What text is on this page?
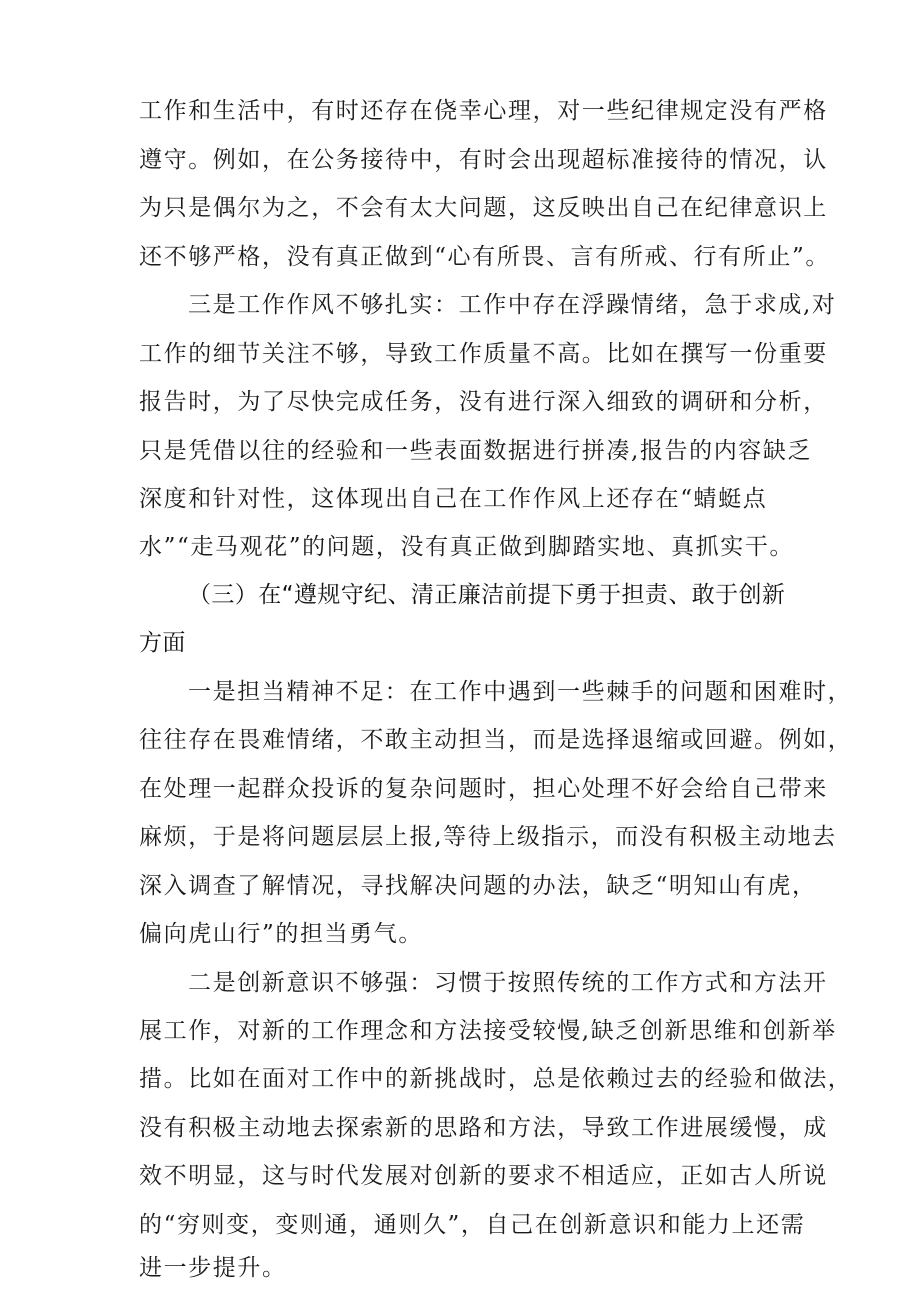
工作和生活中，有时还存在侥幸心理，对一些纪律规定没有严格
遵守。例如，在公务接待中，有时会出现超标准接待的情况，认
为只是偶尔为之，不会有太大问题，这反映出自己在纪律意识上
还不够严格，没有真正做到“心有所畏、言有所戒、行有所止”。
三是工作作风不够扎实：工作中存在浮躁情绪，急于求成,对
工作的细节关注不够，导致工作质量不高。比如在撰写一份重要
报告时，为了尽快完成任务，没有进行深入细致的调研和分析，
只是凭借以往的经验和一些表面数据进行拼凑,报告的内容缺乏
深度和针对性，这体现出自己在工作作风上还存在“蜻蜓点
水”“走马观花”的问题，没有真正做到脚踏实地、真抓实干。
（三）在“遵规守纪、清正廉洁前提下勇于担责、敢于创新
方面
一是担当精神不足：在工作中遇到一些棘手的问题和困难时，
往往存在畏难情绪，不敢主动担当，而是选择退缩或回避。例如，
在处理一起群众投诉的复杂问题时，担心处理不好会给自己带来
麻烦，于是将问题层层上报,等待上级指示，而没有积极主动地去
深入调查了解情况，寻找解决问题的办法，缺乏“明知山有虎，
偏向虎山行”的担当勇气。
二是创新意识不够强：习惯于按照传统的工作方式和方法开
展工作，对新的工作理念和方法接受较慢,缺乏创新思维和创新举
措。比如在面对工作中的新挑战时，总是依赖过去的经验和做法，
没有积极主动地去探索新的思路和方法，导致工作进展缓慢，成
效不明显，这与时代发展对创新的要求不相适应，正如古人所说
的“穷则变，变则通，通则久”，自己在创新意识和能力上还需
进一步提升。
